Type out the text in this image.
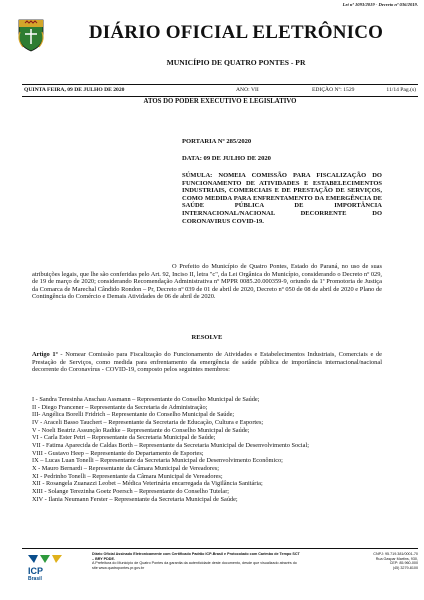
Lei nº 1093/2019 - Decreto nº 036/2019.
DIÁRIO OFICIAL ELETRÔNICO
MUNICÍPIO DE QUATRO PONTES - PR
QUINTA FEIRA, 09 DE JULHO DE 2020	ANO: VII	EDIÇÃO Nº: 1529	11/14 Pag.(s)
ATOS DO PODER EXECUTIVO E LEGISLATIVO
PORTARIA Nº 285/2020
DATA: 09 DE JULHO DE 2020
SÚMULA: NOMEIA COMISSÃO PARA FISCALIZAÇÃO DO FUNCIONAMENTO DE ATIVIDADES E ESTABELECIMENTOS INDUSTRIAIS, COMERCIAIS E DE PRESTAÇÃO DE SERVIÇOS, COMO MEDIDA PARA ENFRENTAMENTO DA EMERGÊNCIA DE SAÚDE PÚBLICA DE IMPORTÂNCIA INTERNACIONAL/NACIONAL DECORRENTE DO CORONAVIRUS COVID-19.
O Prefeito do Município de Quatro Pontes, Estado do Paraná, no uso de suas atribuições legais, que lhe são conferidas pelo Art. 92, Inciso II, letra "c", da Lei Orgânica do Município, considerando o Decreto nº 029, de 19 de março de 2020; considerando Recomendação Administrativa nº MPPR 0085.20.000359-9, oriundo da 1ª Promotoria de Justiça da Comarca de Marechal Cândido Rondon – Pr, Decreto nº 039 de 01 de abril de 2020, Decreto nº 050 de 08 de abril de 2020 e Plano de Contingência do Comércio e Demais Atividades de 06 de abril de 2020.
RESOLVE
Artigo 1º - Nomear Comissão para Fiscalização do Funcionamento de Atividades e Estabelecimentos Industriais, Comerciais e de Prestação de Serviços, como medida para enfrentamento da emergência de saúde pública de importância internacional/nacional decorrente do Coronavírus - COVID-19, composto pelos seguintes membros:
I - Sandra Teresinha Anschau Assmann – Representante do Conselho Municipal de Saúde;
II - Diego Francener – Representante da Secretaria de Administração;
III- Angélica Borelli Fridrich – Representante do Conselho Municipal de Saúde;
IV - Araceli Basso Tauchert – Representante da Secretaria de Educação, Cultura e Esportes;
V - Noeli Beatriz Assunção Radtke – Representante do Conselho Municipal de Saúde;
VI - Carla Ester Petri – Representante da Secretaria Municipal de Saúde;
VII - Fatima Aparecida de Caldas Borth – Representante da Secretaria Municipal de Desenvolvimento Social;
VIII - Gustavo Heep – Representante do Departamento de Esportes;
IX – Lucas Luan Tonelli – Representante da Secretaria Municipal de Desenvolvimento Econômico;
X - Mauro Bernardi – Representante da Câmara Municipal de Vereadores;
XI - Pedrinho Tonelli – Representante da Câmara Municipal de Vereadores;
XII - Rosangela Zuanazzi Leobet – Médica Veterinária encarregada da Vigilância Sanitária;
XIII - Solange Terezinha Goetz Poersch – Representante do Conselho Tutelar;
XIV - Ilania Neumann Ferster – Representante da Secretaria Municipal de Saúde;
ICP
Brasil
Diário Oficial Assinado Eletronicamente com Certificado Padrão ICP-Brasil e Protocolado com Carimbo de Tempo SCT – BRY PDDE.
A Prefeitura do Município de Quatro Pontes da garantia da autenticidade deste documento, desde que visualizado através do site www.quatropontes.pr.gov.br
CNPJ: 95.719.381/0001-70
Rua Gaspar Martins, 930,
CEP: 85.960-000
(45) 3279-8100
